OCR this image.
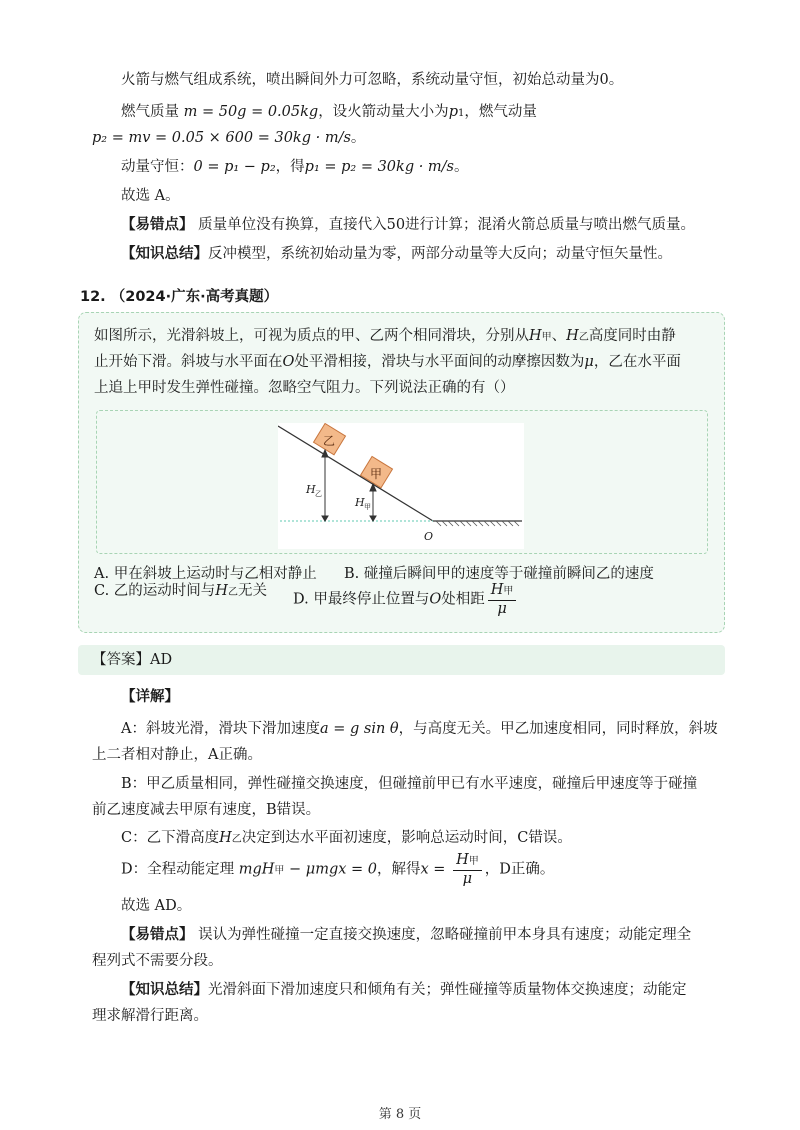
火箭与燃气组成系统，喷出瞬间外力可忽略，系统动量守恒，初始总动量为0。
燃气质量 m = 50g = 0.05kg，设火箭动量大小为p1，燃气动量
p₂ = mv = 0.05 × 600 = 30kg · m/s。
动量守恒：0 = p₁ − p₂，得p₁ = p₂ = 30kg · m/s。
故选 A。
【易错点】 质量单位没有换算，直接代入50进行计算；混淆火箭总质量与喷出燃气质量。
【知识总结】反冲模型，系统初始动量为零，两部分动量等大反向；动量守恒矢量性。
12. （2024·广东·高考真题）
如图所示，光滑斜坡上，可视为质点的甲、乙两个相同滑块，分别从H甲、H乙高度同时由静
止开始下滑。斜坡与水平面在O处平滑相接，滑块与水平面间的动摩擦因数为μ，乙在水平面
上追上甲时发生弹性碰撞。忽略空气阻力。下列说法正确的有（）
乙
甲
H 乙
H 甲
O
A. 甲在斜坡上运动时与乙相对静止 B. 碰撞后瞬间甲的速度等于碰撞前瞬间乙的速度
C. 乙的运动时间与H乙无关
D. 甲最终停止位置与O处相距 $\frac{\text{H甲}}{\mu}$
【答案】AD
【详解】
A：斜坡光滑，滑块下滑加速度a = g sin θ，与高度无关。甲乙加速度相同，同时释放，斜坡
上二者相对静止，A正确。
B：甲乙质量相同，弹性碰撞交换速度，但碰撞前甲已有水平速度，碰撞后甲速度等于碰撞
前乙速度减去甲原有速度，B错误。
C：乙下滑高度H乙决定到达水平面初速度，影响总运动时间，C错误。
D：全程动能定理 mgH甲 − μmgx = 0，解得$x = \frac{\text{H甲}}{\mu}$ ，D正确。
故选 AD。
【易错点】 误认为弹性碰撞一定直接交换速度，忽略碰撞前甲本身具有速度；动能定理全
程列式不需要分段。
【知识总结】光滑斜面下滑加速度只和倾角有关；弹性碰撞等质量物体交换速度；动能定
理求解滑行距离。
第 8 页
